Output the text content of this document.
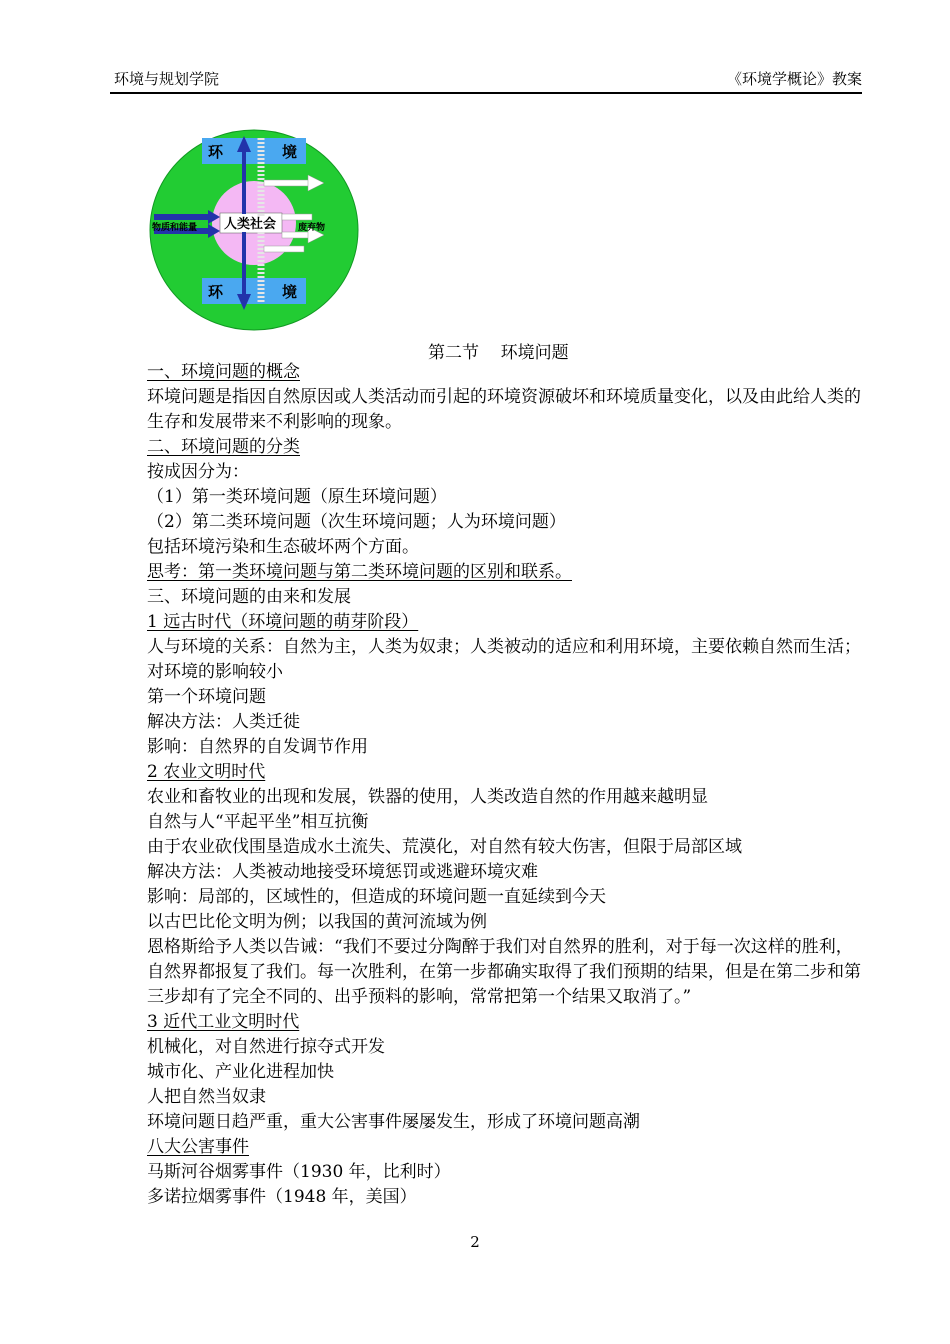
环境与规划学院	《环境学概论》教案
环	境
环	境
人类社会
物质和能量	废弃物
第二节    环境问题
一、环境问题的概念
环境问题是指因自然原因或人类活动而引起的环境资源破坏和环境质量变化，以及由此给人类的生存和发展带来不利影响的现象。
二、环境问题的分类
按成因分为：
（1）第一类环境问题（原生环境问题）
（2）第二类环境问题（次生环境问题；人为环境问题）
包括环境污染和生态破坏两个方面。
思考：第一类环境问题与第二类环境问题的区别和联系。
三、环境问题的由来和发展
1 远古时代（环境问题的萌芽阶段）
人与环境的关系：自然为主，人类为奴隶；人类被动的适应和利用环境，主要依赖自然而生活；对环境的影响较小
第一个环境问题
解决方法：人类迁徙
影响：自然界的自发调节作用
2 农业文明时代
农业和畜牧业的出现和发展，铁器的使用，人类改造自然的作用越来越明显
自然与人“平起平坐”相互抗衡
由于农业砍伐围垦造成水土流失、荒漠化，对自然有较大伤害，但限于局部区域
解决方法：人类被动地接受环境惩罚或逃避环境灾难
影响：局部的，区域性的，但造成的环境问题一直延续到今天
以古巴比伦文明为例；以我国的黄河流域为例
恩格斯给予人类以告诫：“我们不要过分陶醉于我们对自然界的胜利，对于每一次这样的胜利，自然界都报复了我们。每一次胜利，在第一步都确实取得了我们预期的结果，但是在第二步和第三步却有了完全不同的、出乎预料的影响，常常把第一个结果又取消了。”
3 近代工业文明时代
机械化，对自然进行掠夺式开发
城市化、产业化进程加快
人把自然当奴隶
环境问题日趋严重，重大公害事件屡屡发生，形成了环境问题高潮
八大公害事件
马斯河谷烟雾事件（1930 年，比利时）
多诺拉烟雾事件（1948 年，美国）
2
